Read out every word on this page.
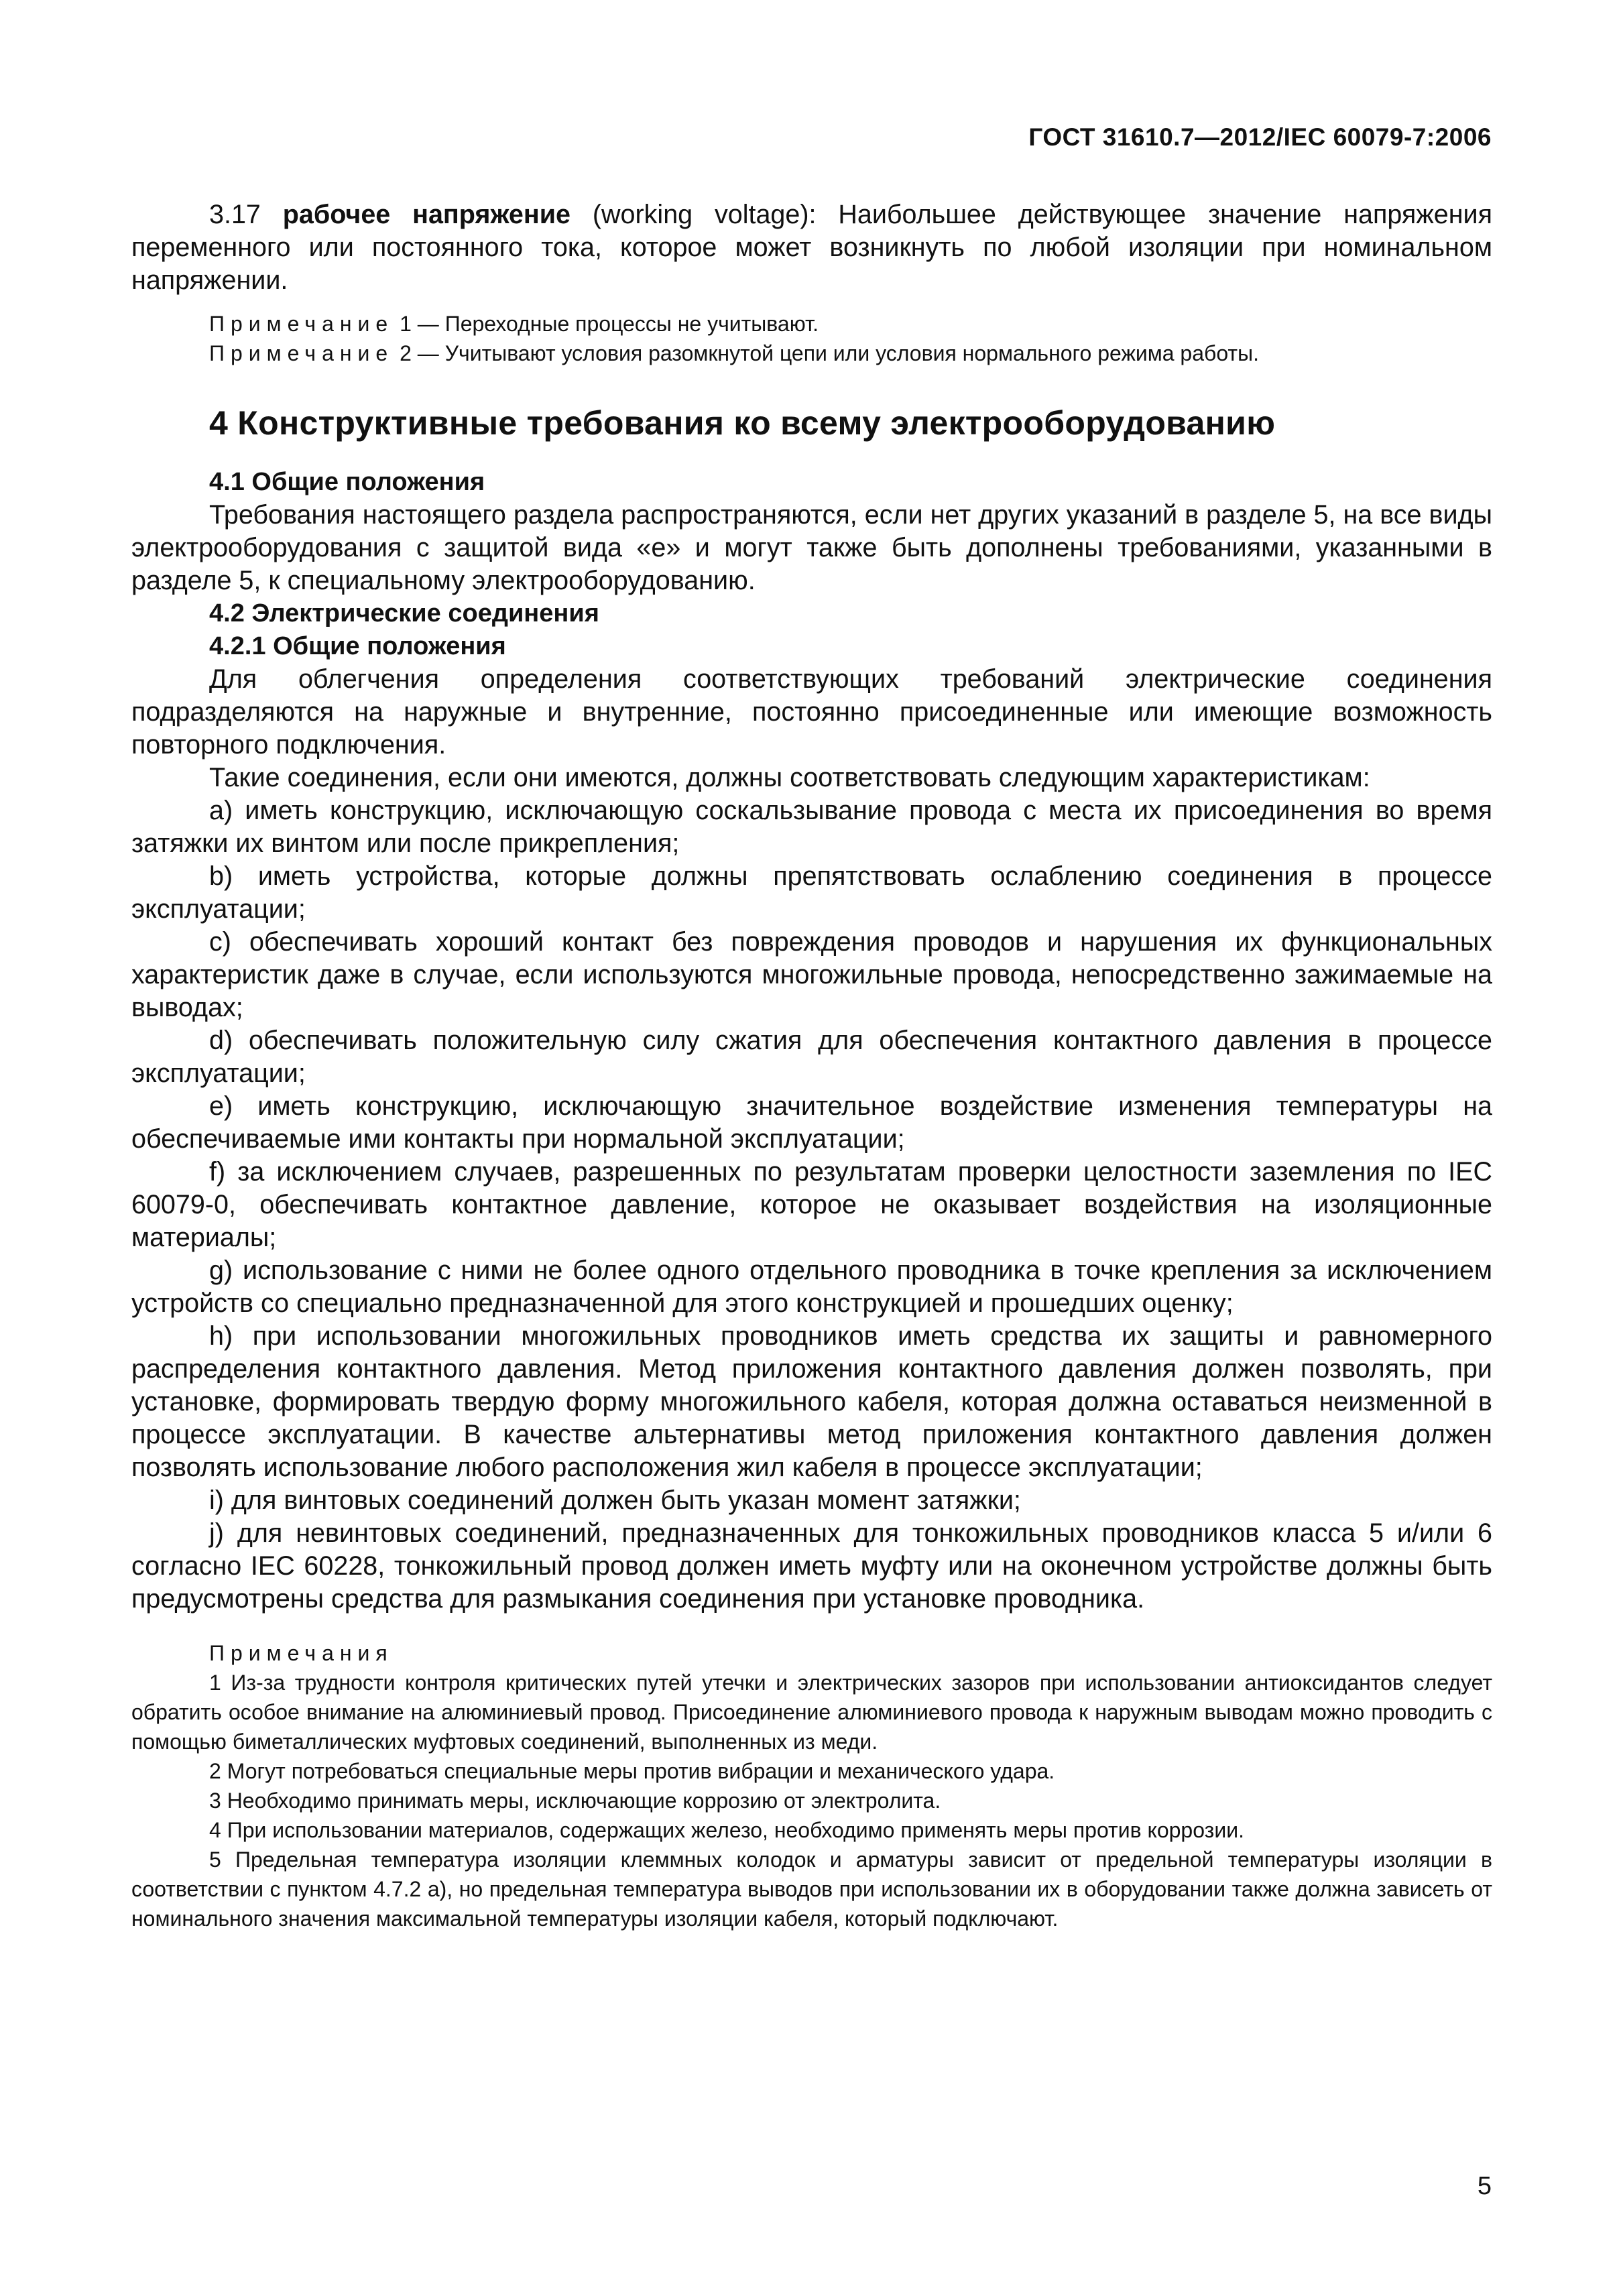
ГОСТ 31610.7—2012/IEC 60079-7:2006

3.17 рабочее напряжение (working voltage): Наибольшее действующее значение напряжения переменного или постоянного тока, которое может возникнуть по любой изоляции при номинальном напряжении.

Примечание 1 — Переходные процессы не учитывают.

Примечание 2 — Учитывают условия разомкнутой цепи или условия нормального режима работы.

4 Конструктивные требования ко всему электрооборудованию
4.1 Общие положения

Требования настоящего раздела распространяются, если нет других указаний в разделе 5, на все виды электрооборудования с защитой вида «е» и могут также быть дополнены требованиями, указанными в разделе 5, к специальному электрооборудованию.

4.2 Электрические соединения
4.2.1 Общие положения

Для облегчения определения соответствующих требований электрические соединения подразделяются на наружные и внутренние, постоянно присоединенные или имеющие возможность повторного подключения.

Такие соединения, если они имеются, должны соответствовать следующим характеристикам:

a) иметь конструкцию, исключающую соскальзывание провода с места их присоединения во время затяжки их винтом или после прикрепления;

b) иметь устройства, которые должны препятствовать ослаблению соединения в процессе эксплуатации;

c) обеспечивать хороший контакт без повреждения проводов и нарушения их функциональных характеристик даже в случае, если используются многожильные провода, непосредственно зажимаемые на выводах;

d) обеспечивать положительную силу сжатия для обеспечения контактного давления в процессе эксплуатации;

e) иметь конструкцию, исключающую значительное воздействие изменения температуры на обеспечиваемые ими контакты при нормальной эксплуатации;

f) за исключением случаев, разрешенных по результатам проверки целостности заземления по IEC 60079-0, обеспечивать контактное давление, которое не оказывает воздействия на изоляционные материалы;

g) использование с ними не более одного отдельного проводника в точке крепления за исключением устройств со специально предназначенной для этого конструкцией и прошедших оценку;

h) при использовании многожильных проводников иметь средства их защиты и равномерного распределения контактного давления. Метод приложения контактного давления должен позволять, при установке, формировать твердую форму многожильного кабеля, которая должна оставаться неизменной в процессе эксплуатации. В качестве альтернативы метод приложения контактного давления должен позволять использование любого расположения жил кабеля в процессе эксплуатации;

i) для винтовых соединений должен быть указан момент затяжки;

j) для невинтовых соединений, предназначенных для тонкожильных проводников класса 5 и/или 6 согласно IEC 60228, тонкожильный провод должен иметь муфту или на оконечном устройстве должны быть предусмотрены средства для размыкания соединения при установке проводника.

Примечания

1 Из-за трудности контроля критических путей утечки и электрических зазоров при использовании антиоксидантов следует обратить особое внимание на алюминиевый провод. Присоединение алюминиевого провода к наружным выводам можно проводить с помощью биметаллических муфтовых соединений, выполненных из меди.

2 Могут потребоваться специальные меры против вибрации и механического удара.

3 Необходимо принимать меры, исключающие коррозию от электролита.

4 При использовании материалов, содержащих железо, необходимо применять меры против коррозии.

5 Предельная температура изоляции клеммных колодок и арматуры зависит от предельной температуры изоляции в соответствии с пунктом 4.7.2 а), но предельная температура выводов при использовании их в оборудовании также должна зависеть от номинального значения максимальной температуры изоляции кабеля, который подключают.

5
